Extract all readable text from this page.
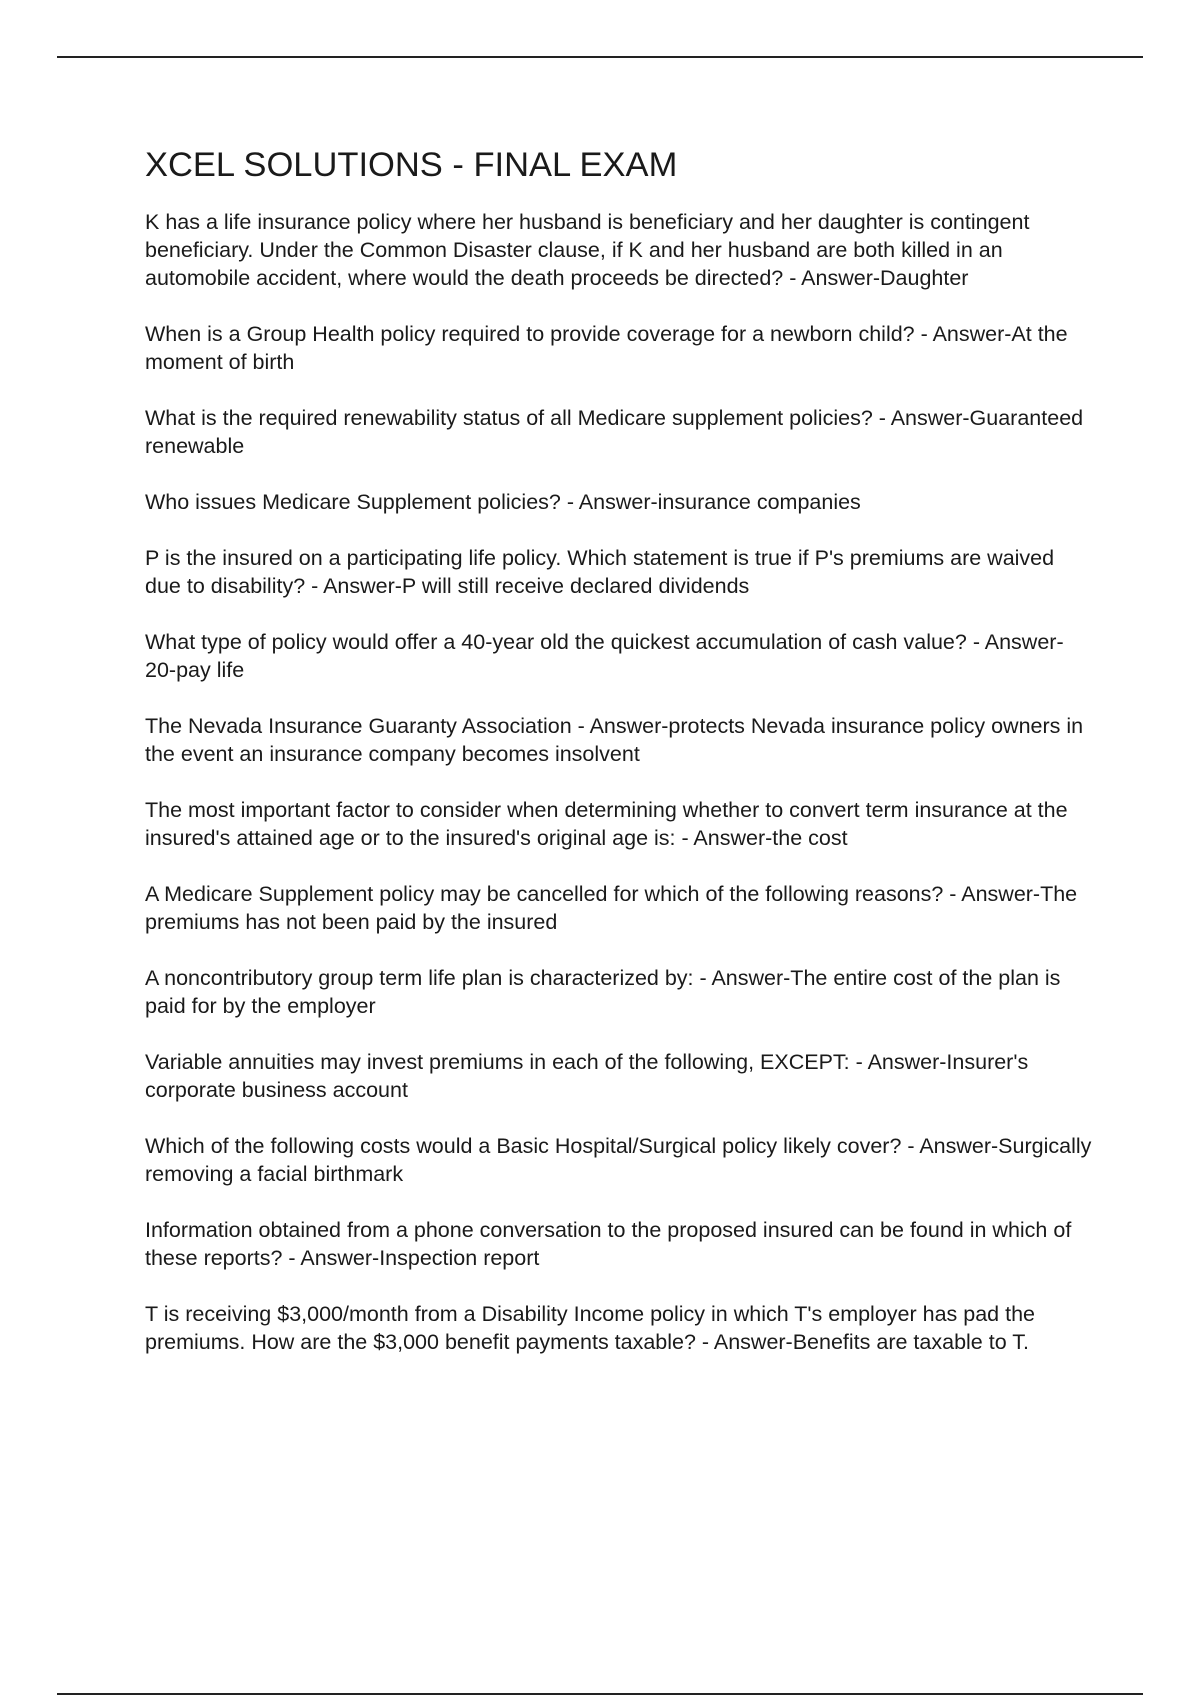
XCEL SOLUTIONS - FINAL EXAM
K has a life insurance policy where her husband is beneficiary and her daughter is contingent beneficiary. Under the Common Disaster clause, if K and her husband are both killed in an automobile accident, where would the death proceeds be directed? - Answer-Daughter
When is a Group Health policy required to provide coverage for a newborn child? - Answer-At the moment of birth
What is the required renewability status of all Medicare supplement policies? - Answer-Guaranteed renewable
Who issues Medicare Supplement policies? - Answer-insurance companies
P is the insured on a participating life policy. Which statement is true if P's premiums are waived due to disability? - Answer-P will still receive declared dividends
What type of policy would offer a 40-year old the quickest accumulation of cash value? - Answer-20-pay life
The Nevada Insurance Guaranty Association - Answer-protects Nevada insurance policy owners in the event an insurance company becomes insolvent
The most important factor to consider when determining whether to convert term insurance at the insured's attained age or to the insured's original age is: - Answer-the cost
A Medicare Supplement policy may be cancelled for which of the following reasons? - Answer-The premiums has not been paid by the insured
A noncontributory group term life plan is characterized by: - Answer-The entire cost of the plan is paid for by the employer
Variable annuities may invest premiums in each of the following, EXCEPT: - Answer-Insurer's corporate business account
Which of the following costs would a Basic Hospital/Surgical policy likely cover? - Answer-Surgically removing a facial birthmark
Information obtained from a phone conversation to the proposed insured can be found in which of these reports? - Answer-Inspection report
T is receiving $3,000/month from a Disability Income policy in which T's employer has pad the premiums. How are the $3,000 benefit payments taxable? - Answer-Benefits are taxable to T.
